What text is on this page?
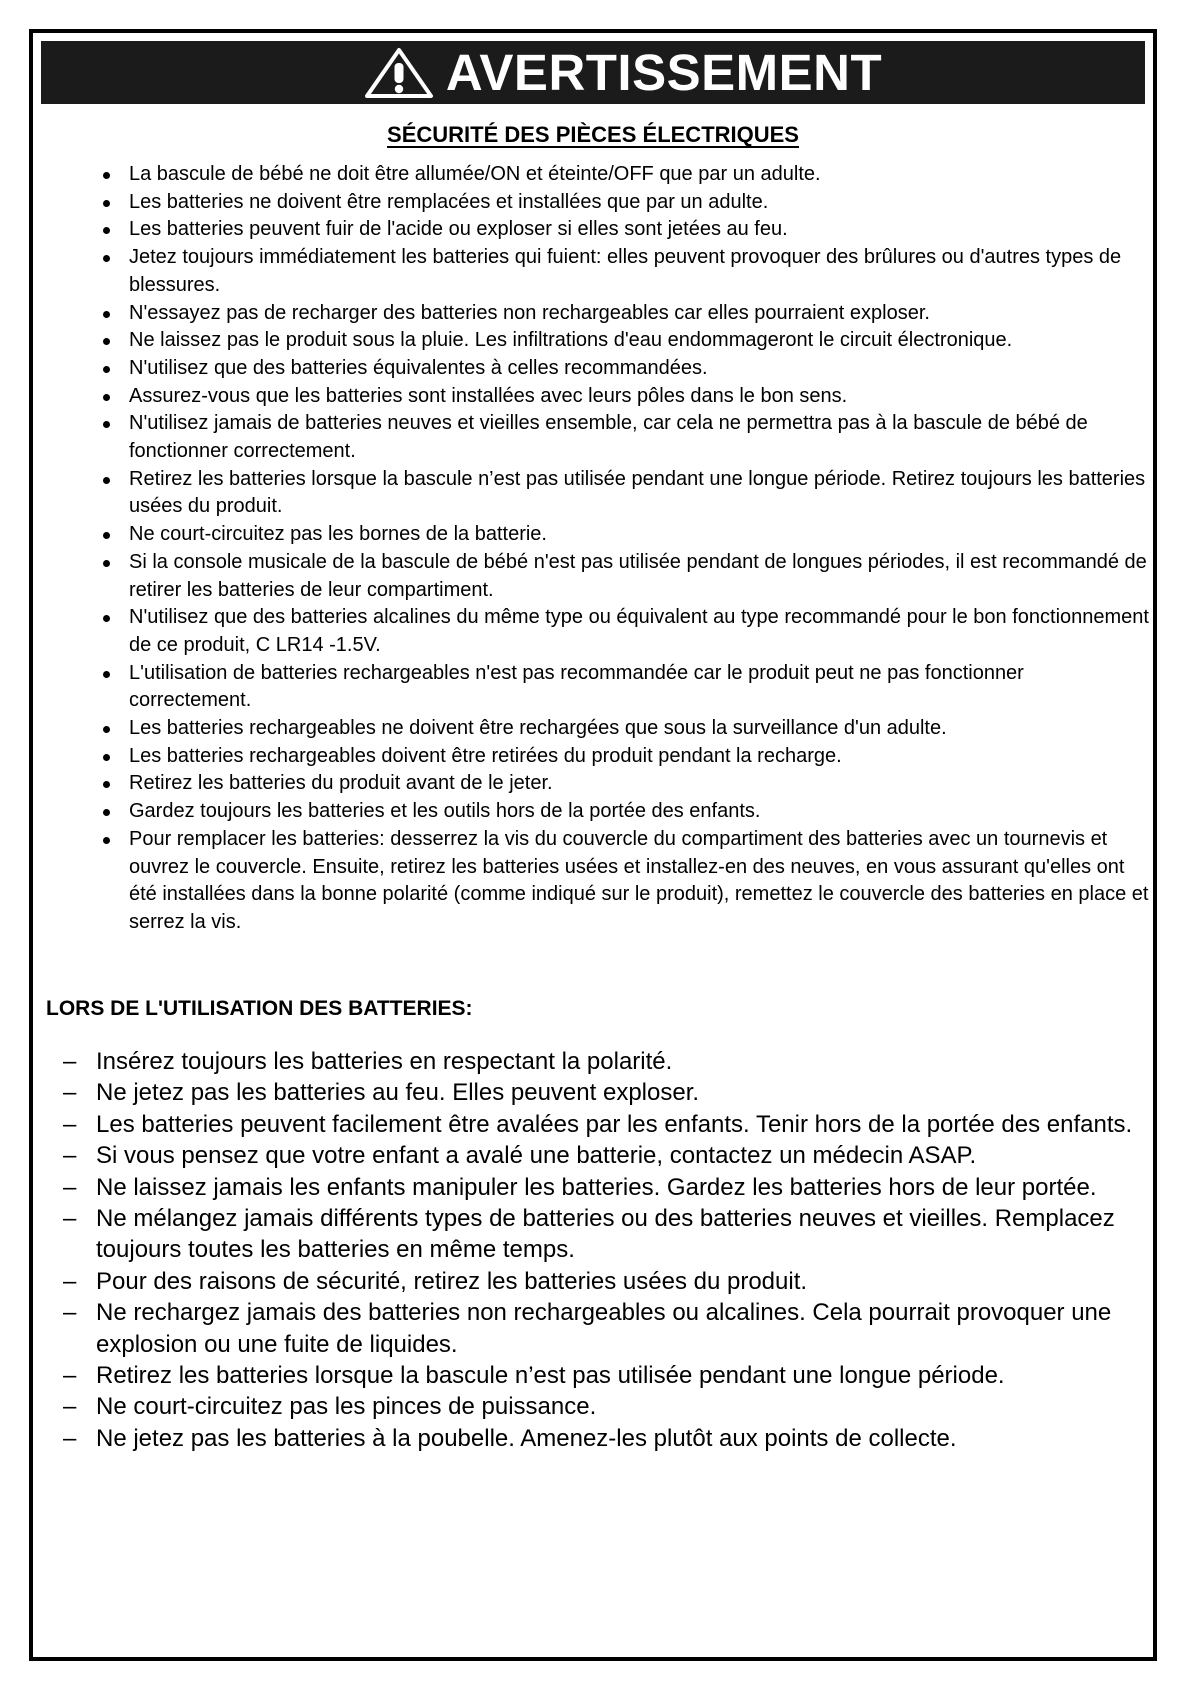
AVERTISSEMENT
SÉCURITÉ DES PIÈCES ÉLECTRIQUES
La bascule de bébé ne doit être allumée/ON et éteinte/OFF que par un adulte.
Les batteries ne doivent être remplacées et installées que par un adulte.
Les batteries peuvent fuir de l'acide ou exploser si elles sont jetées au feu.
Jetez toujours immédiatement les batteries qui fuient: elles peuvent provoquer des brûlures ou d'autres types de blessures.
N'essayez pas de recharger des batteries non rechargeables car elles pourraient exploser.
Ne laissez pas le produit sous la pluie. Les infiltrations d'eau endommageront le circuit électronique.
N'utilisez que des batteries équivalentes à celles recommandées.
Assurez-vous que les batteries sont installées avec leurs pôles dans le bon sens.
N'utilisez jamais de batteries neuves et vieilles ensemble, car cela ne permettra pas à la bascule de bébé de fonctionner correctement.
Retirez les batteries lorsque la bascule n’est pas utilisée pendant une longue période. Retirez toujours les batteries usées du produit.
Ne court-circuitez pas les bornes de la batterie.
Si la console musicale de la bascule de bébé n'est pas utilisée pendant de longues périodes, il est recommandé de retirer les batteries de leur compartiment.
N'utilisez que des batteries alcalines du même type ou équivalent au type recommandé pour le bon fonctionnement de ce produit, C LR14 -1.5V.
L'utilisation de batteries rechargeables n'est pas recommandée car le produit peut ne pas fonctionner correctement.
Les batteries rechargeables ne doivent être rechargées que sous la surveillance d'un adulte.
Les batteries rechargeables doivent être retirées du produit pendant la recharge.
Retirez les batteries du produit avant de le jeter.
Gardez toujours les batteries et les outils hors de la portée des enfants.
Pour remplacer les batteries: desserrez la vis du couvercle du compartiment des batteries avec un tournevis et ouvrez le couvercle. Ensuite, retirez les batteries usées et installez-en des neuves, en vous assurant qu'elles ont été installées dans la bonne polarité (comme indiqué sur le produit), remettez le couvercle des batteries en place et serrez la vis.
LORS DE L'UTILISATION DES BATTERIES:
– Insérez toujours les batteries en respectant la polarité.
– Ne jetez pas les batteries au feu. Elles peuvent exploser.
– Les batteries peuvent facilement être avalées par les enfants. Tenir hors de la portée des enfants.
– Si vous pensez que votre enfant a avalé une batterie, contactez un médecin ASAP.
– Ne laissez jamais les enfants manipuler les batteries. Gardez les batteries hors de leur portée.
– Ne mélangez jamais différents types de batteries ou des batteries neuves et vieilles. Remplacez toujours toutes les batteries en même temps.
– Pour des raisons de sécurité, retirez les batteries usées du produit.
– Ne rechargez jamais des batteries non rechargeables ou alcalines. Cela pourrait provoquer une explosion ou une fuite de liquides.
– Retirez les batteries lorsque la bascule n’est pas utilisée pendant une longue période.
– Ne court-circuitez pas les pinces de puissance.
– Ne jetez pas les batteries à la poubelle. Amenez-les plutôt aux points de collecte.
